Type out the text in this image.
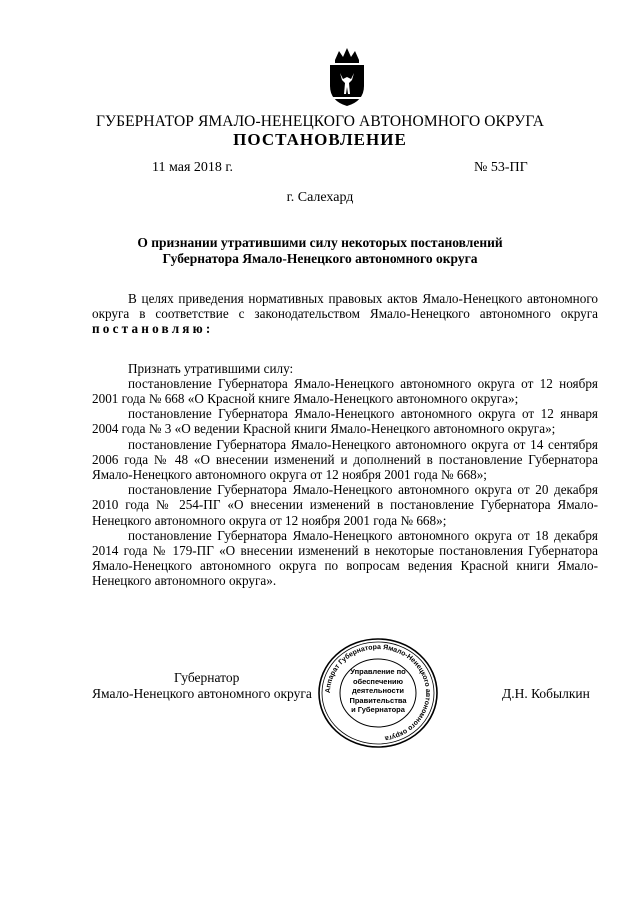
ГУБЕРНАТОР ЯМАЛО-НЕНЕЦКОГО АВТОНОМНОГО ОКРУГА
ПОСТАНОВЛЕНИЕ
11 мая 2018 г.	№ 53-ПГ
г. Салехард
О признании утратившими силу некоторых постановлений
Губернатора Ямало-Ненецкого автономного округа

В целях приведения нормативных правовых актов Ямало-Ненецкого автономного округа в соответствие с законодательством Ямало-Ненецкого автономного округа постановляю:

Признать утратившими силу:

постановление Губернатора Ямало-Ненецкого автономного округа от 12 ноября 2001 года № 668 «О Красной книге Ямало-Ненецкого автономного округа»;

постановление Губернатора Ямало-Ненецкого автономного округа от 12 января 2004 года № 3 «О ведении Красной книги Ямало-Ненецкого автономного округа»;

постановление Губернатора Ямало-Ненецкого автономного округа от 14 сентября 2006 года № 48 «О внесении изменений и дополнений в постановление Губернатора Ямало-Ненецкого автономного округа от 12 ноября 2001 года № 668»;

постановление Губернатора Ямало-Ненецкого автономного округа от 20 декабря 2010 года № 254-ПГ «О внесении изменений в постановление Губернатора Ямало-Ненецкого автономного округа от 12 ноября 2001 года № 668»;

постановление Губернатора Ямало-Ненецкого автономного округа от 18 декабря 2014 года № 179-ПГ «О внесении изменений в некоторые постановления Губернатора Ямало-Ненецкого автономного округа по вопросам ведения Красной книги Ямало-Ненецкого автономного округа».

Губернатор
Ямало-Ненецкого автономного округа Аппарат Губернатора Ямало-Ненецкого автономного округа
Управление по
обеспечению
деятельности
Правительства
и Губернатора
Д.Н. Кобылкин
